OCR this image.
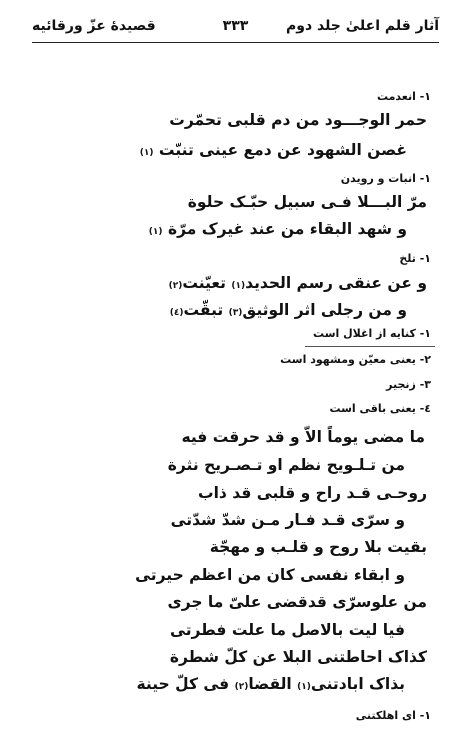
آثار قلم اعلیٰ جلد دوم
٣٣٣
قصیدهٔ عزّ ورقائیه
١- انعدمت
حمر الوجـــود من دم قلبی تحمّرت
غصن الشهود عن دمع عینی تنبّت (١)
١- انبات و رویدن
مرّ البـــلا فـی سبیل حبّـک حلوة
و شهد البقاء من عند غیرک مرّة (١)
١- تلخ
و عن عنقی رسم الحدید(١) تعیّنت(٢)
و من رجلی اثر الوثیق(٣) تبقّت(٤)
١- کنایه از اغلال است
٢- یعنی معیّن ومشهود است
٣- زنجیر
٤- یعنی باقی است
ما مضی یوماً الاّ و قد حرقت فیه
من تـلـویح نظم او تـصـریح نثرة
روحـی قـد راح و قلبی قد ذاب
و سرّی قـد فـار مـن شدّ شدّتی
بقیت بلا روح و قلـب و مهجّة
و ابقاء نفسی کان من اعظم حیرتی
من علوسرّی قدقضی علیّ ما جری
فیا لیت بالاصل ما علت فطرتی
کذاک احاطتنی البلا عن کلّ شطرة
بذاک ابادتنی(١) القضا(٢) فی کلّ حینة
١- ای اهلکتنی
